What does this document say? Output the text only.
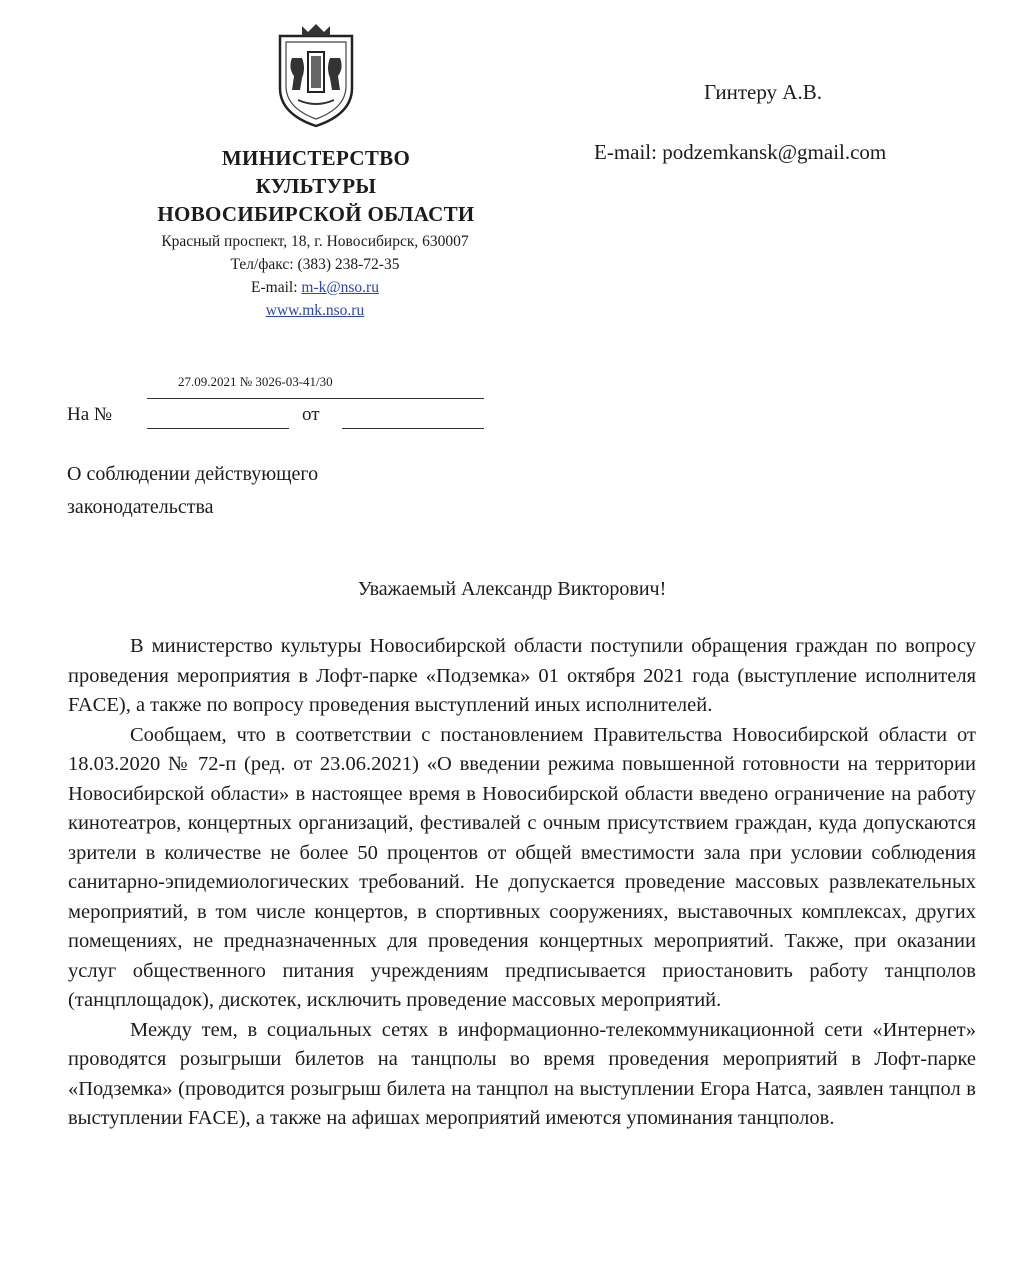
МИНИСТЕРСТВО
КУЛЬТУРЫ
НОВОСИБИРСКОЙ ОБЛАСТИ
Красный проспект, 18, г. Новосибирск, 630007
Тел/факс: (383) 238-72-35
E-mail: m-k@nso.ru
www.mk.nso.ru
Гинтеру А.В.
E-mail: podzemkansk@gmail.com
27.09.2021 № 3026-03-41/30
На №	от
О соблюдении действующего
законодательства
Уважаемый Александр Викторович!

В министерство культуры Новосибирской области поступили обращения граждан по вопросу проведения мероприятия в Лофт-парке «Подземка» 01 октября 2021 года (выступление исполнителя FACE), а также по вопросу проведения выступлений иных исполнителей.

Сообщаем, что в соответствии с постановлением Правительства Новосибирской области от 18.03.2020 № 72-п (ред. от 23.06.2021) «О введении режима повышенной готовности на территории Новосибирской области» в настоящее время в Новосибирской области введено ограничение на работу кинотеатров, концертных организаций, фестивалей с очным присутствием граждан, куда допускаются зрители в количестве не более 50 процентов от общей вместимости зала при условии соблюдения санитарно-эпидемиологических требований. Не допускается проведение массовых развлекательных мероприятий, в том числе концертов, в спортивных сооружениях, выставочных комплексах, других помещениях, не предназначенных для проведения концертных мероприятий. Также, при оказании услуг общественного питания учреждениям предписывается приостановить работу танцполов (танцплощадок), дискотек, исключить проведение массовых мероприятий.

Между тем, в социальных сетях в информационно-телекоммуникационной сети «Интернет» проводятся розыгрыши билетов на танцполы во время проведения мероприятий в Лофт-парке «Подземка» (проводится розыгрыш билета на танцпол на выступлении Егора Натса, заявлен танцпол в выступлении FACE), а также на афишах мероприятий имеются упоминания танцполов.
